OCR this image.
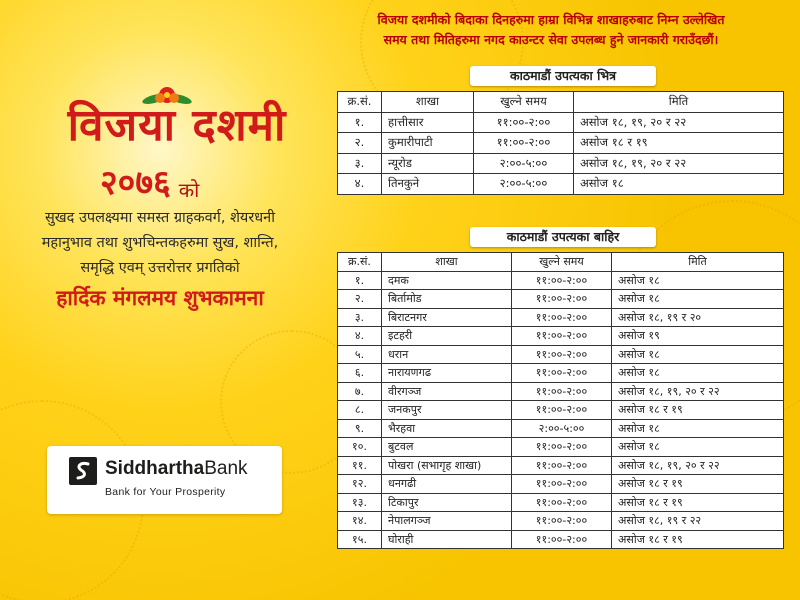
विजया दशमी
२०७६ को
सुखद उपलक्ष्यमा समस्त ग्राहकवर्ग, शेयरधनी
महानुभाव तथा शुभचिन्तकहरुमा सुख, शान्ति,
समृद्धि एवम् उत्तरोत्तर प्रगतिको
हार्दिक मंगलमय शुभकामना
SiddharthaBank
Bank for Your Prosperity
विजया दशमीको बिदाका दिनहरुमा हाम्रा विभिन्न शाखाहरुबाट निम्न उल्लेखित
समय तथा मितिहरुमा नगद काउन्टर सेवा उपलब्ध हुने जानकारी गराउँदछौं।
काठमाडौं उपत्यका भित्र
क्र.सं.	शाखा	खुल्ने समय	मिति
१.	हात्तीसार	११:००-२:००	असोज १८, १९, २० र २२
२.	कुमारीपाटी	११:००-२:००	असोज १८ र १९
३.	न्यूरोड	२:००-५:००	असोज १८, १९, २० र २२
४.	तिनकुने	२:००-५:००	असोज १८
काठमाडौं उपत्यका बाहिर
क्र.सं.	शाखा	खुल्ने समय	मिति
१.	दमक	११:००-२:००	असोज १८
२.	बिर्तामोड	११:००-२:००	असोज १८
३.	बिराटनगर	११:००-२:००	असोज १८, १९ र २०
४.	इटहरी	११:००-२:००	असोज १९
५.	धरान	११:००-२:००	असोज १८
६.	नारायणगढ	११:००-२:००	असोज १८
७.	वीरगञ्ज	११:००-२:००	असोज १८, १९, २० र २२
८.	जनकपुर	११:००-२:००	असोज १८ र १९
९.	भैरहवा	२:००-५:००	असोज १८
१०.	बुटवल	११:००-२:००	असोज १८
११.	पोखरा (सभागृह शाखा)	११:००-२:००	असोज १८, १९, २० र २२
१२.	धनगढी	११:००-२:००	असोज १८ र १९
१३.	टिकापुर	११:००-२:००	असोज १८ र १९
१४.	नेपालगञ्ज	११:००-२:००	असोज १८, १९ र २२
१५.	घोराही	११:००-२:००	असोज १८ र १९
